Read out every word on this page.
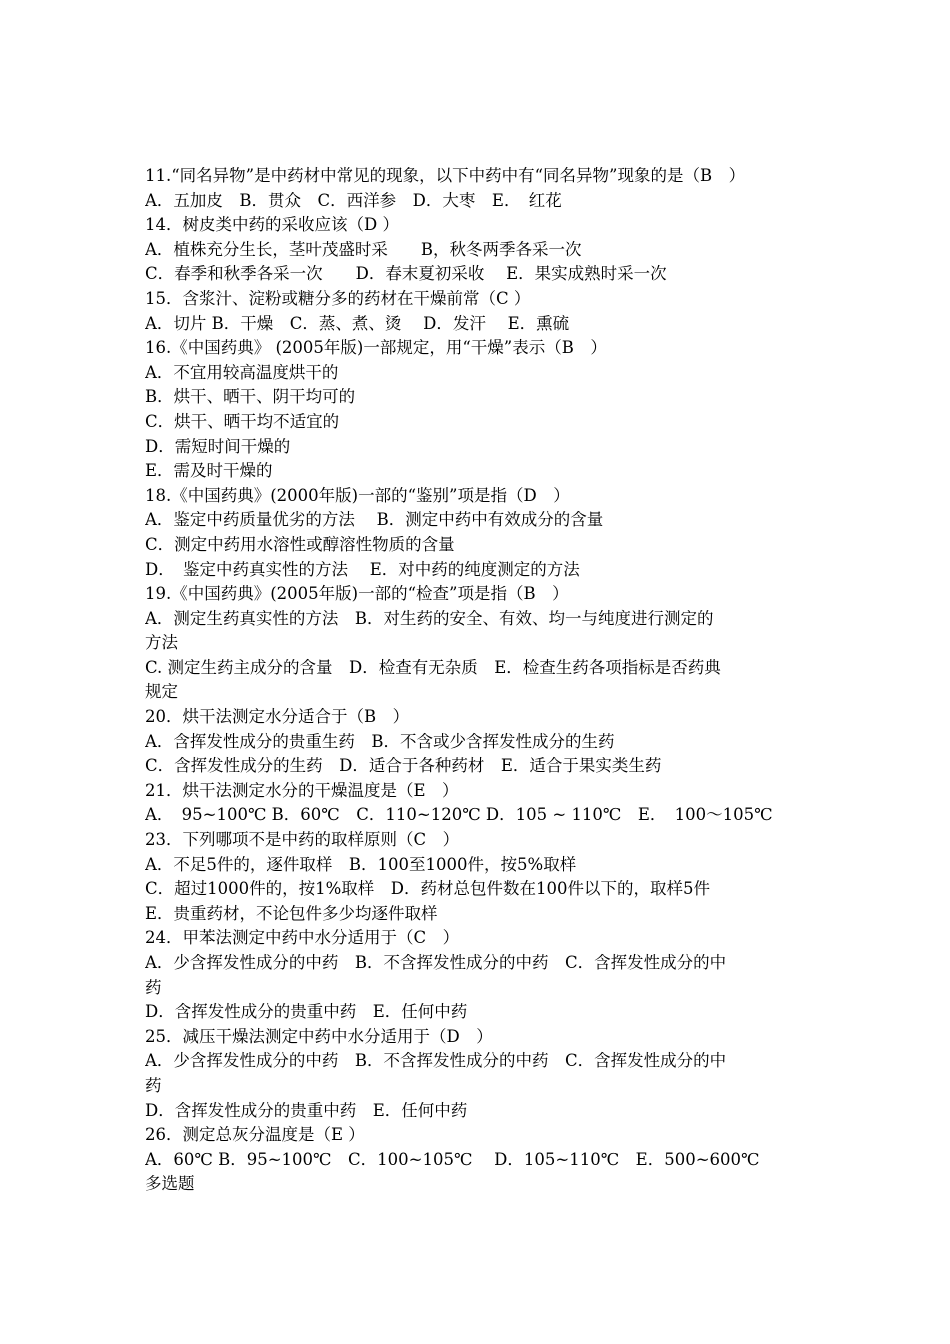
11.“同名异物”是中药材中常见的现象，以下中药中有“同名异物”现象的是（B　）
A．五加皮　B．贯众　C．西洋参　D．大枣　E．　红花
14．树皮类中药的采收应该（D ）
A．植株充分生长，茎叶茂盛时采　　B，秋冬两季各采一次
C．春季和秋季各采一次　　D．春末夏初采收　 E．果实成熟时采一次
15．含浆汁、淀粉或糖分多的药材在干燥前常（C ）
A．切片 B．干燥　C．蒸、煮、烫　 D．发汗　 E．熏硫
16.《中国药典》 (2005年版)一部规定，用“干燥”表示（B　）
A．不宜用较高温度烘干的
B．烘干、晒干、阴干均可的
C．烘干、晒干均不适宜的
D．需短时间干燥的
E．需及时干燥的
18.《中国药典》(2000年版)一部的“鉴别”项是指（D　）
A．鉴定中药质量优劣的方法　 B．测定中药中有效成分的含量
C．测定中药用水溶性或醇溶性物质的含量
D．　鉴定中药真实性的方法　 E．对中药的纯度测定的方法
19.《中国药典》(2005年版)一部的“检查”项是指（B　）
A．测定生药真实性的方法　B．对生药的安全、有效、均一与纯度进行测定的
方法
C. 测定生药主成分的含量　D．检查有无杂质　E．检查生药各项指标是否药典
规定
20．烘干法测定水分适合于（B　）
A．含挥发性成分的贵重生药　B．不含或少含挥发性成分的生药
C．含挥发性成分的生药　D．适合于各种药材　E．适合于果实类生药
21．烘干法测定水分的干燥温度是（E　）
A．　95~100℃ B．60℃　C．110~120℃ D．105 ~ 110℃　E．　100～105℃
23．下列哪项不是中药的取样原则（C　）
A．不足5件的，逐件取样　B．100至1000件，按5%取样
C．超过1000件的，按1%取样　D．药材总包件数在100件以下的，取样5件
E．贵重药材，不论包件多少均逐件取样
24．甲苯法测定中药中水分适用于（C　）
A．少含挥发性成分的中药　B．不含挥发性成分的中药　C．含挥发性成分的中
药
D．含挥发性成分的贵重中药　E．任何中药
25．减压干燥法测定中药中水分适用于（D　）
A．少含挥发性成分的中药　B．不含挥发性成分的中药　C．含挥发性成分的中
药
D．含挥发性成分的贵重中药　E．任何中药
26．测定总灰分温度是（E ）
A．60℃ B．95~100℃　C．100~105℃　 D．105~110℃　E．500~600℃
多选题
